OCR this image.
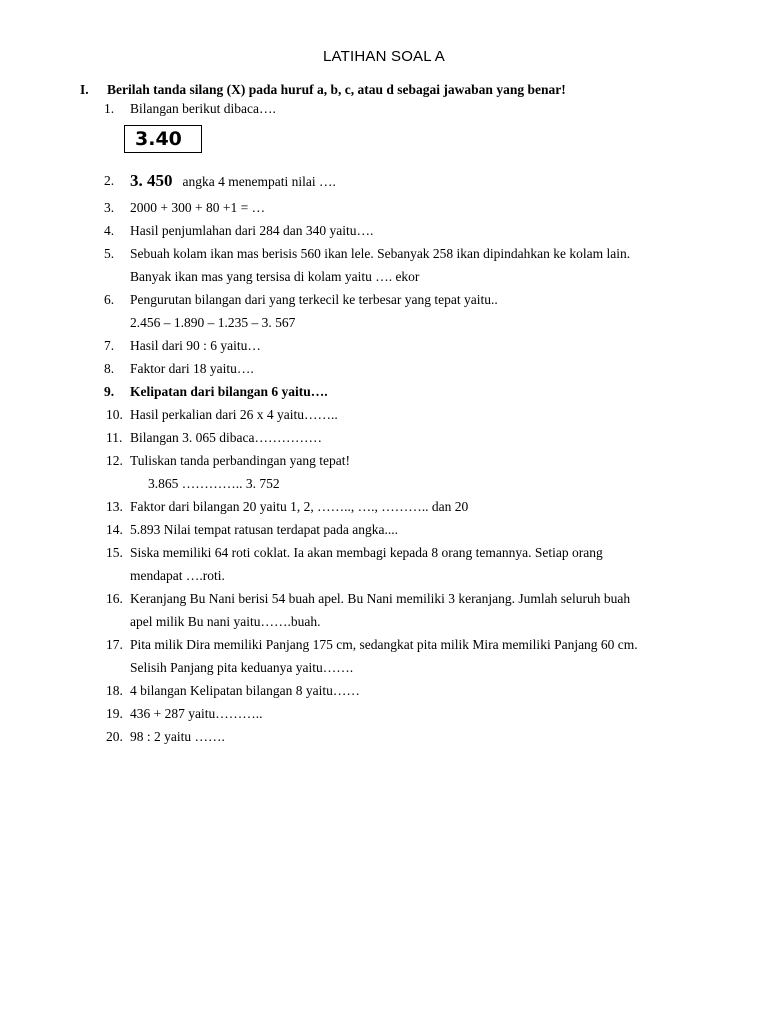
LATIHAN SOAL A
I. Berilah tanda silang (X) pada huruf a, b, c, atau d sebagai jawaban yang benar!
1. Bilangan berikut dibaca….
3.40
2. 3. 450 angka 4 menempati nilai ….
3. 2000 + 300 + 80 +1 = …
4. Hasil penjumlahan dari 284 dan 340 yaitu….
5. Sebuah kolam ikan mas berisis 560 ikan lele. Sebanyak 258 ikan dipindahkan ke kolam lain.
Banyak ikan mas yang tersisa di kolam yaitu …. ekor
6. Pengurutan bilangan dari yang terkecil ke terbesar yang tepat yaitu..
2.456 – 1.890 – 1.235 – 3. 567
7. Hasil dari 90 : 6 yaitu…
8. Faktor dari 18 yaitu….
9. Kelipatan dari bilangan 6 yaitu….
10. Hasil perkalian dari 26 x 4 yaitu……..
11. Bilangan 3. 065 dibaca……………
12. Tuliskan tanda perbandingan yang tepat!
3.865 ………….. 3. 752
13. Faktor dari bilangan 20 yaitu 1, 2, …….., …., ……….. dan 20
14. 5.893 Nilai tempat ratusan terdapat pada angka....
15. Siska memiliki 64 roti coklat. Ia akan membagi kepada 8 orang temannya. Setiap orang
mendapat ….roti.
16. Keranjang Bu Nani berisi 54 buah apel. Bu Nani memiliki 3 keranjang. Jumlah seluruh buah
apel milik Bu nani yaitu…….buah.
17. Pita milik Dira memiliki Panjang 175 cm, sedangkat pita milik Mira memiliki Panjang 60 cm.
Selisih Panjang pita keduanya yaitu…….
18. 4 bilangan Kelipatan bilangan 8 yaitu……
19. 436 + 287 yaitu………..
20. 98 : 2 yaitu …….
